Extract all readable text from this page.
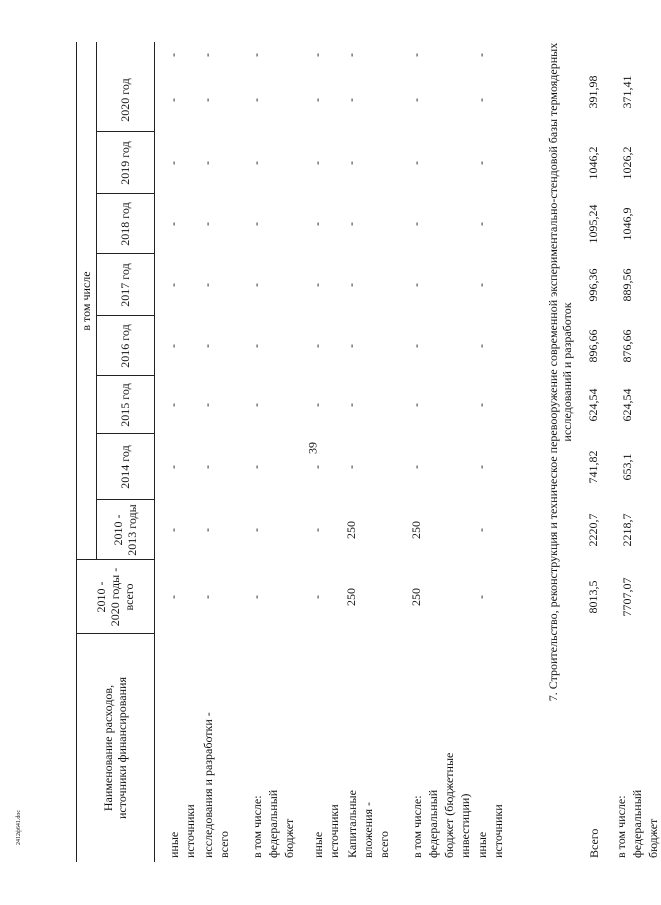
39
2412ф641.doc
Наименование расходов,
источники финансирования
2010 -
2020 годы -
всего
в том числе
2010 -
2013 годы
2014 год
2015 год
2016 год
2017 год
2018 год
2019 год
2020 год
иные
источники исследования и разработки -
всего в том числе:
федеральный
бюджет иные
источники Капитальные
вложения -
всего в том числе:
федеральный
бюджет (бюджетные
инвестиции) иные
источники
7. Строительство, реконструкция и техническое перевооружение современной экспериментально-стендовой базы термоядерных исследований и разработок
Всего в том числе:
федеральный
бюджет
-
-
-
-
-
-
-
-
-
-
-
-
-
-
-
-
-
-
-
-
-
-
-
-
-
-
-
-
-
-
-
-
-
-
-
-
-
-
-
-
250
250
-
-
-
-
-
-
-
-
250
250
-
-
-
-
-
-
-
-
-
-
-
-
-
-
-
-
-
-
8013,5
2220,7
741,82
624,54
896,66
996,36
1095,24
1046,2
391,98
7707,07
2218,7
653,1
624,54
876,66
889,56
1046,9
1026,2
371,41
